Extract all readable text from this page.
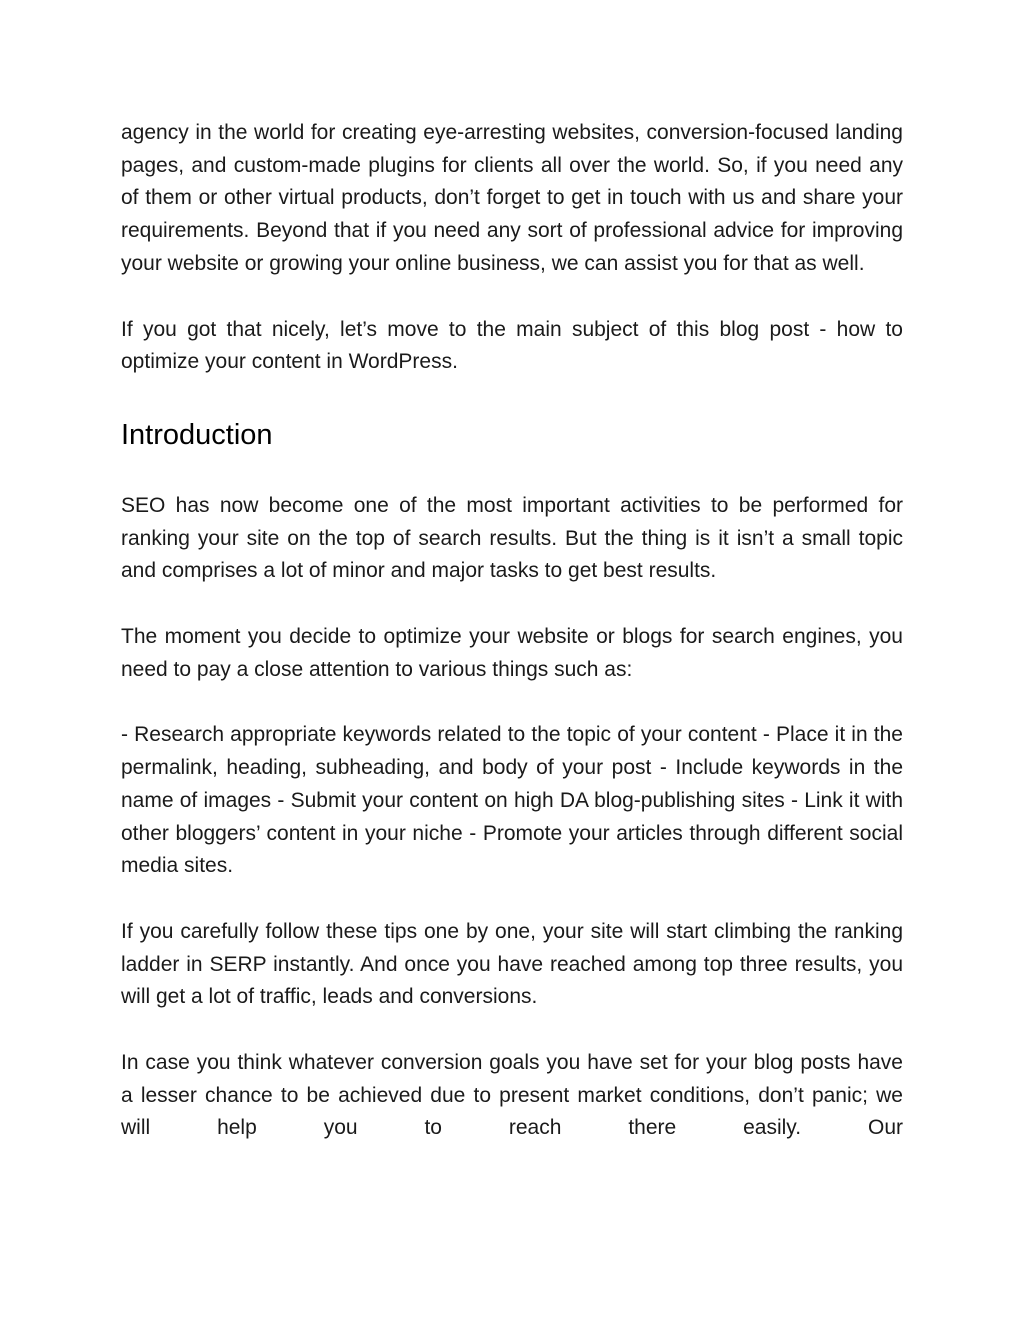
agency in the world for creating eye-arresting websites, conversion-focused landing pages, and custom-made plugins for clients all over the world. So, if you need any of them or other virtual products, don’t forget to get in touch with us and share your requirements. Beyond that if you need any sort of professional advice for improving your website or growing your online business, we can assist you for that as well.

If you got that nicely, let’s move to the main subject of this blog post - how to optimize your content in WordPress.

Introduction

SEO has now become one of the most important activities to be performed for ranking your site on the top of search results. But the thing is it isn’t a small topic and comprises a lot of minor and major tasks to get best results.

The moment you decide to optimize your website or blogs for search engines, you need to pay a close attention to various things such as:

- Research appropriate keywords related to the topic of your content - Place it in the permalink, heading, subheading, and body of your post - Include keywords in the name of images - Submit your content on high DA blog-publishing sites - Link it with other bloggers’ content in your niche - Promote your articles through different social media sites.

If you carefully follow these tips one by one, your site will start climbing the ranking ladder in SERP instantly. And once you have reached among top three results, you will get a lot of traffic, leads and conversions.

In case you think whatever conversion goals you have set for your blog posts have a lesser chance to be achieved due to present market conditions, don’t panic; we will help you to reach there easily. Our
